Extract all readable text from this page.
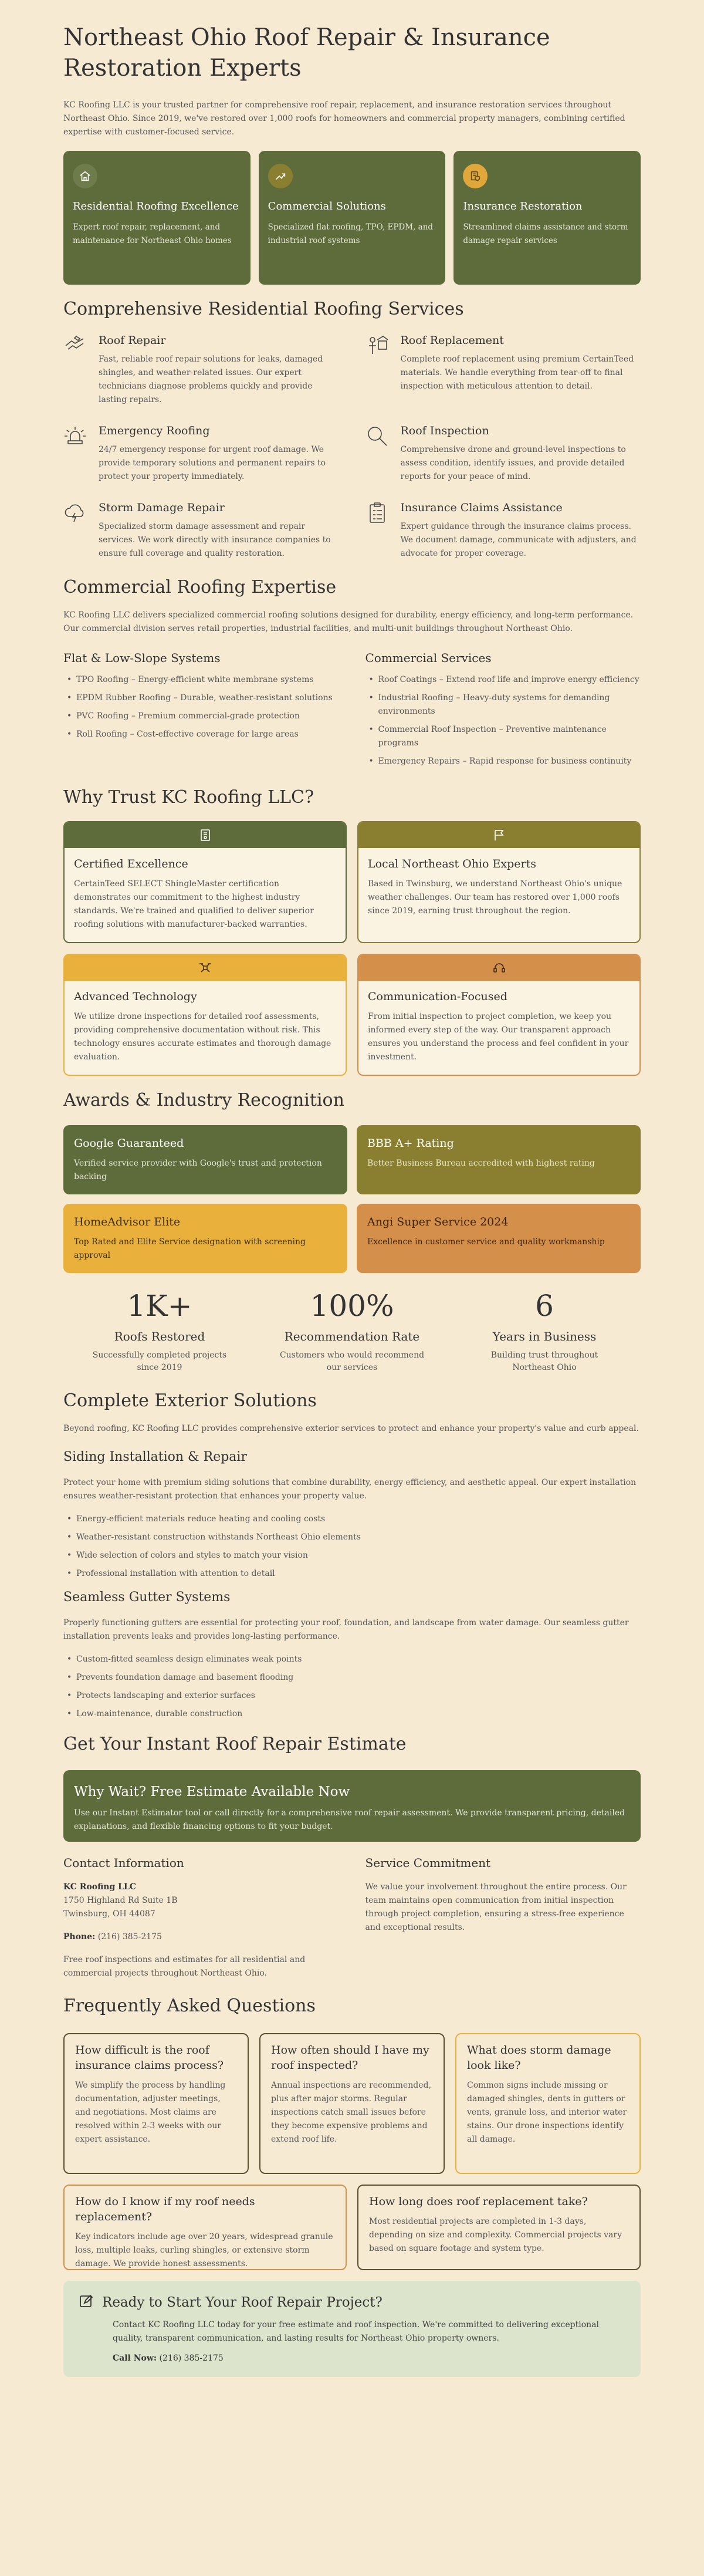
Northeast Ohio Roof Repair & Insurance Restoration Experts

KC Roofing LLC is your trusted partner for comprehensive roof repair, replacement, and insurance restoration services throughout Northeast Ohio. Since 2019, we've restored over 1,000 roofs for homeowners and commercial property managers, combining certified expertise with customer-focused service.

Residential Roofing Excellence

Expert roof repair, replacement, and maintenance for Northeast Ohio homes

Commercial Solutions

Specialized flat roofing, TPO, EPDM, and industrial roof systems

Insurance Restoration

Streamlined claims assistance and storm damage repair services

Comprehensive Residential Roofing Services
Roof Repair

Fast, reliable roof repair solutions for leaks, damaged shingles, and weather-related issues. Our expert technicians diagnose problems quickly and provide lasting repairs.

Roof Replacement

Complete roof replacement using premium CertainTeed materials. We handle everything from tear-off to final inspection with meticulous attention to detail.

Emergency Roofing

24/7 emergency response for urgent roof damage. We provide temporary solutions and permanent repairs to protect your property immediately.

Roof Inspection

Comprehensive drone and ground-level inspections to assess condition, identify issues, and provide detailed reports for your peace of mind.

Storm Damage Repair

Specialized storm damage assessment and repair services. We work directly with insurance companies to ensure full coverage and quality restoration.

Insurance Claims Assistance

Expert guidance through the insurance claims process. We document damage, communicate with adjusters, and advocate for proper coverage.

Commercial Roofing Expertise

KC Roofing LLC delivers specialized commercial roofing solutions designed for durability, energy efficiency, and long-term performance. Our commercial division serves retail properties, industrial facilities, and multi-unit buildings throughout Northeast Ohio.

Flat & Low-Slope Systems
• TPO Roofing – Energy-efficient white membrane systems
• EPDM Rubber Roofing – Durable, weather-resistant solutions
• PVC Roofing – Premium commercial-grade protection
• Roll Roofing – Cost-effective coverage for large areas
Commercial Services
• Roof Coatings – Extend roof life and improve energy efficiency
• Industrial Roofing – Heavy-duty systems for demanding environments
• Commercial Roof Inspection – Preventive maintenance programs
• Emergency Repairs – Rapid response for business continuity
Why Trust KC Roofing LLC?
Certified Excellence

CertainTeed SELECT ShingleMaster certification demonstrates our commitment to the highest industry standards. We're trained and qualified to deliver superior roofing solutions with manufacturer-backed warranties.

Local Northeast Ohio Experts

Based in Twinsburg, we understand Northeast Ohio's unique weather challenges. Our team has restored over 1,000 roofs since 2019, earning trust throughout the region.

Advanced Technology

We utilize drone inspections for detailed roof assessments, providing comprehensive documentation without risk. This technology ensures accurate estimates and thorough damage evaluation.

Communication-Focused

From initial inspection to project completion, we keep you informed every step of the way. Our transparent approach ensures you understand the process and feel confident in your investment.

Awards & Industry Recognition
Google Guaranteed

Verified service provider with Google's trust and protection backing

BBB A+ Rating

Better Business Bureau accredited with highest rating

HomeAdvisor Elite

Top Rated and Elite Service designation with screening approval

Angi Super Service 2024

Excellence in customer service and quality workmanship

1K+
Roofs Restored

Successfully completed projects since 2019

100%
Recommendation Rate

Customers who would recommend our services

6
Years in Business

Building trust throughout Northeast Ohio

Complete Exterior Solutions

Beyond roofing, KC Roofing LLC provides comprehensive exterior services to protect and enhance your property's value and curb appeal.

Siding Installation & Repair

Protect your home with premium siding solutions that combine durability, energy efficiency, and aesthetic appeal. Our expert installation ensures weather-resistant protection that enhances your property value.

• Energy-efficient materials reduce heating and cooling costs
• Weather-resistant construction withstands Northeast Ohio elements
• Wide selection of colors and styles to match your vision
• Professional installation with attention to detail
Seamless Gutter Systems

Properly functioning gutters are essential for protecting your roof, foundation, and landscape from water damage. Our seamless gutter installation prevents leaks and provides long-lasting performance.

• Custom-fitted seamless design eliminates weak points
• Prevents foundation damage and basement flooding
• Protects landscaping and exterior surfaces
• Low-maintenance, durable construction
Get Your Instant Roof Repair Estimate
Why Wait? Free Estimate Available Now

Use our Instant Estimator tool or call directly for a comprehensive roof repair assessment. We provide transparent pricing, detailed explanations, and flexible financing options to fit your budget.

Contact Information

KC Roofing LLC

1750 Highland Rd Suite 1B

Twinsburg, OH 44087

Phone: (216) 385-2175

Free roof inspections and estimates for all residential and commercial projects throughout Northeast Ohio.

Service Commitment

We value your involvement throughout the entire process. Our team maintains open communication from initial inspection through project completion, ensuring a stress-free experience and exceptional results.

Frequently Asked Questions
How difficult is the roof insurance claims process?

We simplify the process by handling documentation, adjuster meetings, and negotiations. Most claims are resolved within 2-3 weeks with our expert assistance.

How often should I have my roof inspected?

Annual inspections are recommended, plus after major storms. Regular inspections catch small issues before they become expensive problems and extend roof life.

What does storm damage look like?

Common signs include missing or damaged shingles, dents in gutters or vents, granule loss, and interior water stains. Our drone inspections identify all damage.

How do I know if my roof needs replacement?

Key indicators include age over 20 years, widespread granule loss, multiple leaks, curling shingles, or extensive storm damage. We provide honest assessments.

How long does roof replacement take?

Most residential projects are completed in 1-3 days, depending on size and complexity. Commercial projects vary based on square footage and system type.

Ready to Start Your Roof Repair Project?

Contact KC Roofing LLC today for your free estimate and roof inspection. We're committed to delivering exceptional quality, transparent communication, and lasting results for Northeast Ohio property owners.

Call Now: (216) 385-2175
